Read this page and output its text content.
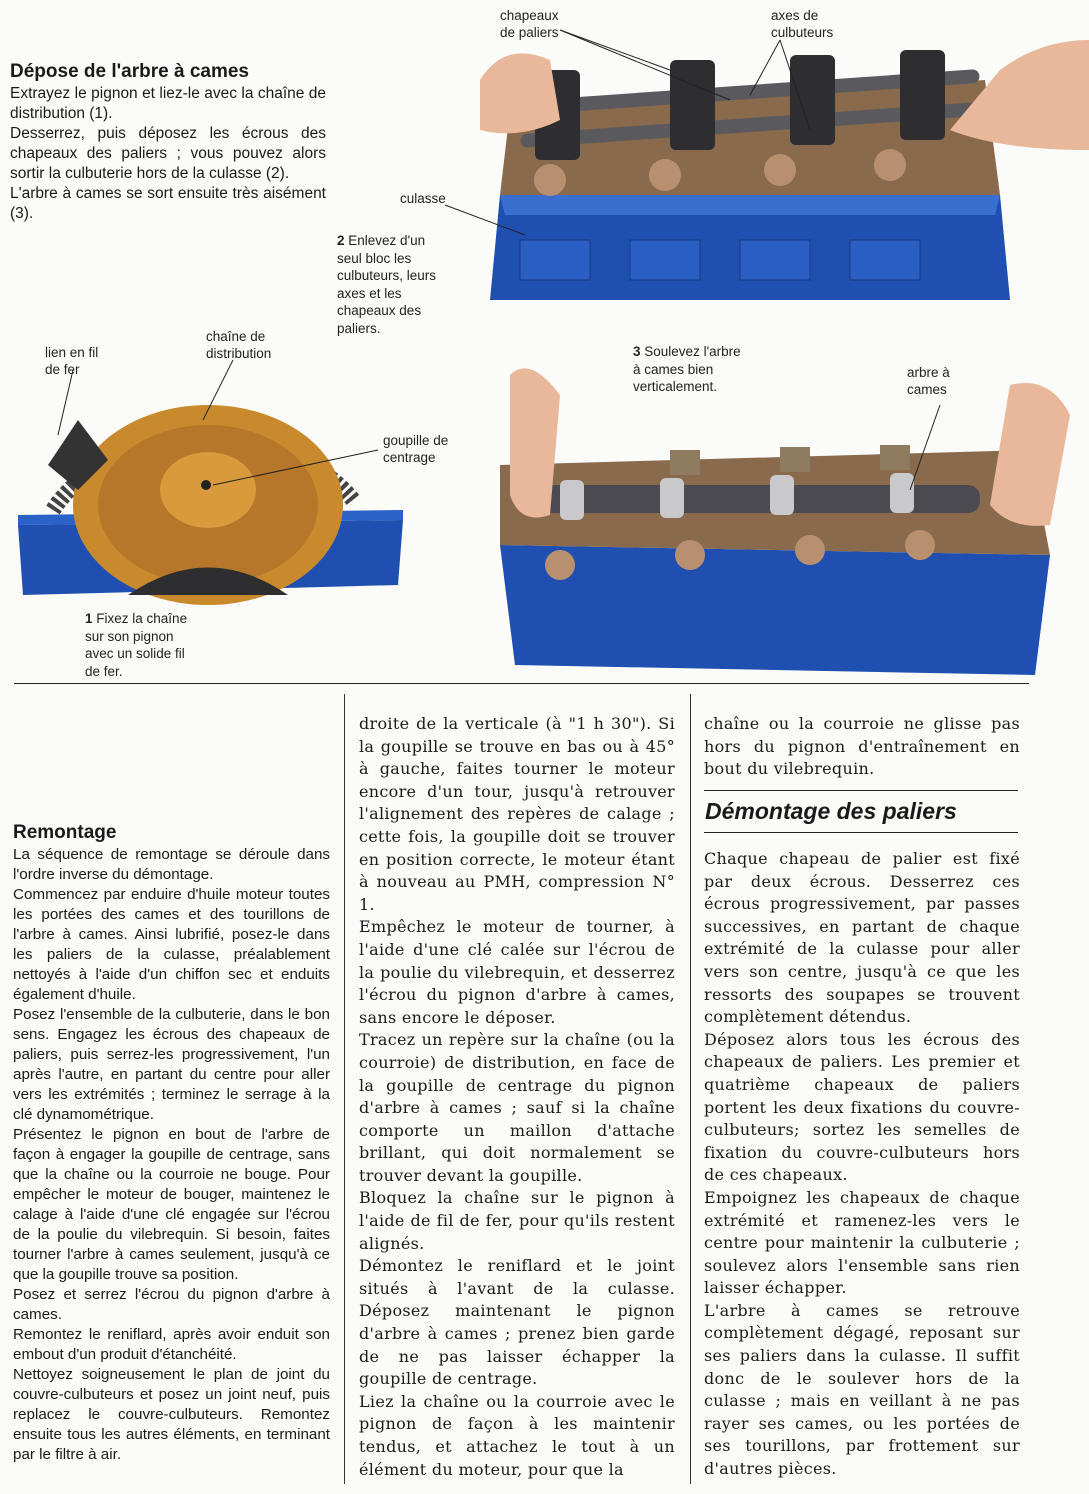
Dépose de l'arbre à cames
Extrayez le pignon et liez-le avec la chaîne de distribution (1).
Desserrez, puis déposez les écrous des chapeaux des paliers ; vous pouvez alors sortir la culbuterie hors de la culasse (2).
L'arbre à cames se sort ensuite très aisément (3).
chapeaux de paliers
axes de culbuteurs
culasse
2 Enlevez d'un seul bloc les culbuteurs, leurs axes et les chapeaux des paliers.
lien en fil de fer
chaîne de distribution
goupille de centrage
1 Fixez la chaîne sur son pignon avec un solide fil de fer.
3 Soulevez l'arbre à cames bien verticalement.
arbre à cames
Remontage

La séquence de remontage se déroule dans l'ordre inverse du démontage.

Commencez par enduire d'huile moteur toutes les portées des cames et des tourillons de l'arbre à cames. Ainsi lubrifié, posez-le dans les paliers de la culasse, préalablement nettoyés à l'aide d'un chiffon sec et enduits également d'huile.

Posez l'ensemble de la culbuterie, dans le bon sens. Engagez les écrous des chapeaux de paliers, puis serrez-les progressivement, l'un après l'autre, en partant du centre pour aller vers les extrémités ; terminez le serrage à la clé dynamométrique.

Présentez le pignon en bout de l'arbre de façon à engager la goupille de centrage, sans que la chaîne ou la courroie ne bouge. Pour empêcher le moteur de bouger, maintenez le calage à l'aide d'une clé engagée sur l'écrou de la poulie du vilebrequin. Si besoin, faites tourner l'arbre à cames seulement, jusqu'à ce que la goupille trouve sa position.

Posez et serrez l'écrou du pignon d'arbre à cames.

Remontez le reniflard, après avoir enduit son embout d'un produit d'étanchéité.

Nettoyez soigneusement le plan de joint du couvre-culbuteurs et posez un joint neuf, puis replacez le couvre-culbuteurs. Remontez ensuite tous les autres éléments, en terminant par le filtre à air.

droite de la verticale (à "1 h 30"). Si la goupille se trouve en bas ou à 45° à gauche, faites tourner le moteur encore d'un tour, jusqu'à retrouver l'alignement des repères de calage ; cette fois, la goupille doit se trouver en position correcte, le moteur étant à nouveau au PMH, compression N° 1.

Empêchez le moteur de tourner, à l'aide d'une clé calée sur l'écrou de la poulie du vilebrequin, et desserrez l'écrou du pignon d'arbre à cames, sans encore le déposer.

Tracez un repère sur la chaîne (ou la courroie) de distribution, en face de la goupille de centrage du pignon d'arbre à cames ; sauf si la chaîne comporte un maillon d'attache brillant, qui doit normalement se trouver devant la goupille.

Bloquez la chaîne sur le pignon à l'aide de fil de fer, pour qu'ils restent alignés.

Démontez le reniflard et le joint situés à l'avant de la culasse. Déposez maintenant le pignon d'arbre à cames ; prenez bien garde de ne pas laisser échapper la goupille de centrage.

Liez la chaîne ou la courroie avec le pignon de façon à les maintenir tendus, et attachez le tout à un élément du moteur, pour que la

chaîne ou la courroie ne glisse pas hors du pignon d'entraînement en bout du vilebrequin.

Démontage des paliers

Chaque chapeau de palier est fixé par deux écrous. Desserrez ces écrous progressivement, par passes successives, en partant de chaque extrémité de la culasse pour aller vers son centre, jusqu'à ce que les ressorts des soupapes se trouvent complètement détendus.

Déposez alors tous les écrous des chapeaux de paliers. Les premier et quatrième chapeaux de paliers portent les deux fixations du couvre-culbuteurs; sortez les semelles de fixation du couvre-culbuteurs hors de ces chapeaux.

Empoignez les chapeaux de chaque extrémité et ramenez-les vers le centre pour maintenir la culbuterie ; soulevez alors l'ensemble sans rien laisser échapper.

L'arbre à cames se retrouve complètement dégagé, reposant sur ses paliers dans la culasse. Il suffit donc de le soulever hors de la culasse ; mais en veillant à ne pas rayer ses cames, ou les portées de ses tourillons, par frottement sur d'autres pièces.
